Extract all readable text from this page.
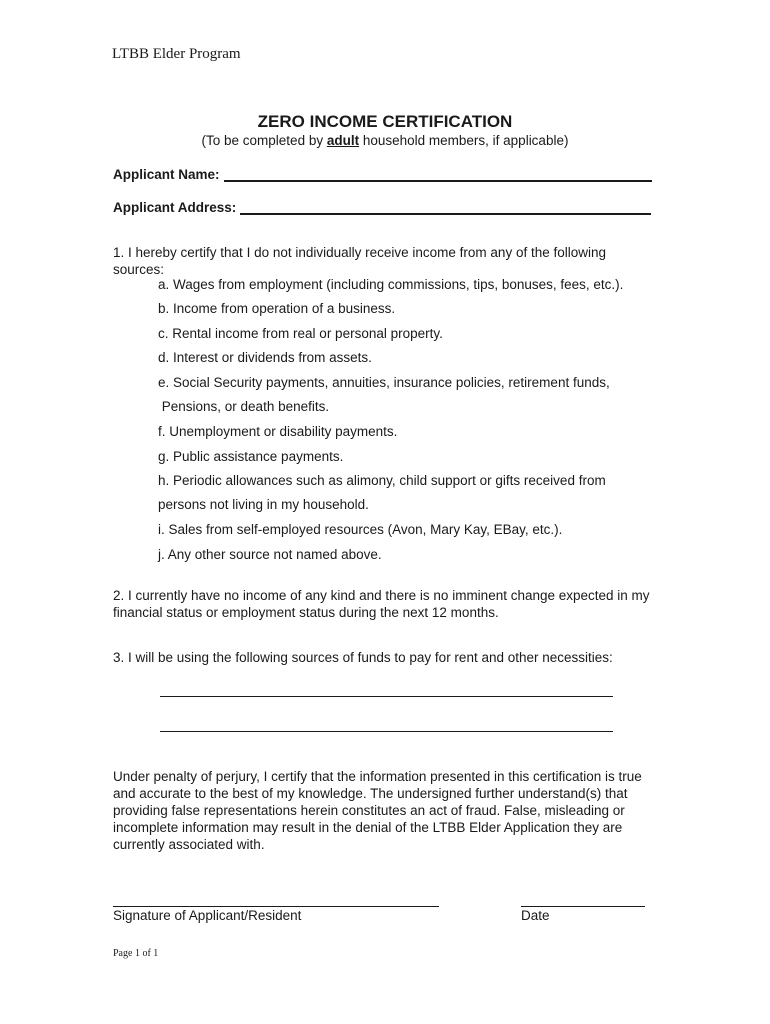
LTBB Elder Program
ZERO INCOME CERTIFICATION
(To be completed by adult household members, if applicable)
Applicant Name:
Applicant Address:
1. I hereby certify that I do not individually receive income from any of the following sources:
a. Wages from employment (including commissions, tips, bonuses, fees, etc.).
b. Income from operation of a business.
c. Rental income from real or personal property.
d. Interest or dividends from assets.
e. Social Security payments, annuities, insurance policies, retirement funds,
Pensions, or death benefits.
f. Unemployment or disability payments.
g. Public assistance payments.
h. Periodic allowances such as alimony, child support or gifts received from
persons not living in my household.
i. Sales from self-employed resources (Avon, Mary Kay, EBay, etc.).
j. Any other source not named above.
2. I currently have no income of any kind and there is no imminent change expected in my financial status or employment status during the next 12 months.
3. I will be using the following sources of funds to pay for rent and other necessities:
Under penalty of perjury, I certify that the information presented in this certification is true and accurate to the best of my knowledge. The undersigned further understand(s) that providing false representations herein constitutes an act of fraud. False, misleading or incomplete information may result in the denial of the LTBB Elder Application they are currently associated with.
Signature of Applicant/Resident	Date
Page 1 of 1
